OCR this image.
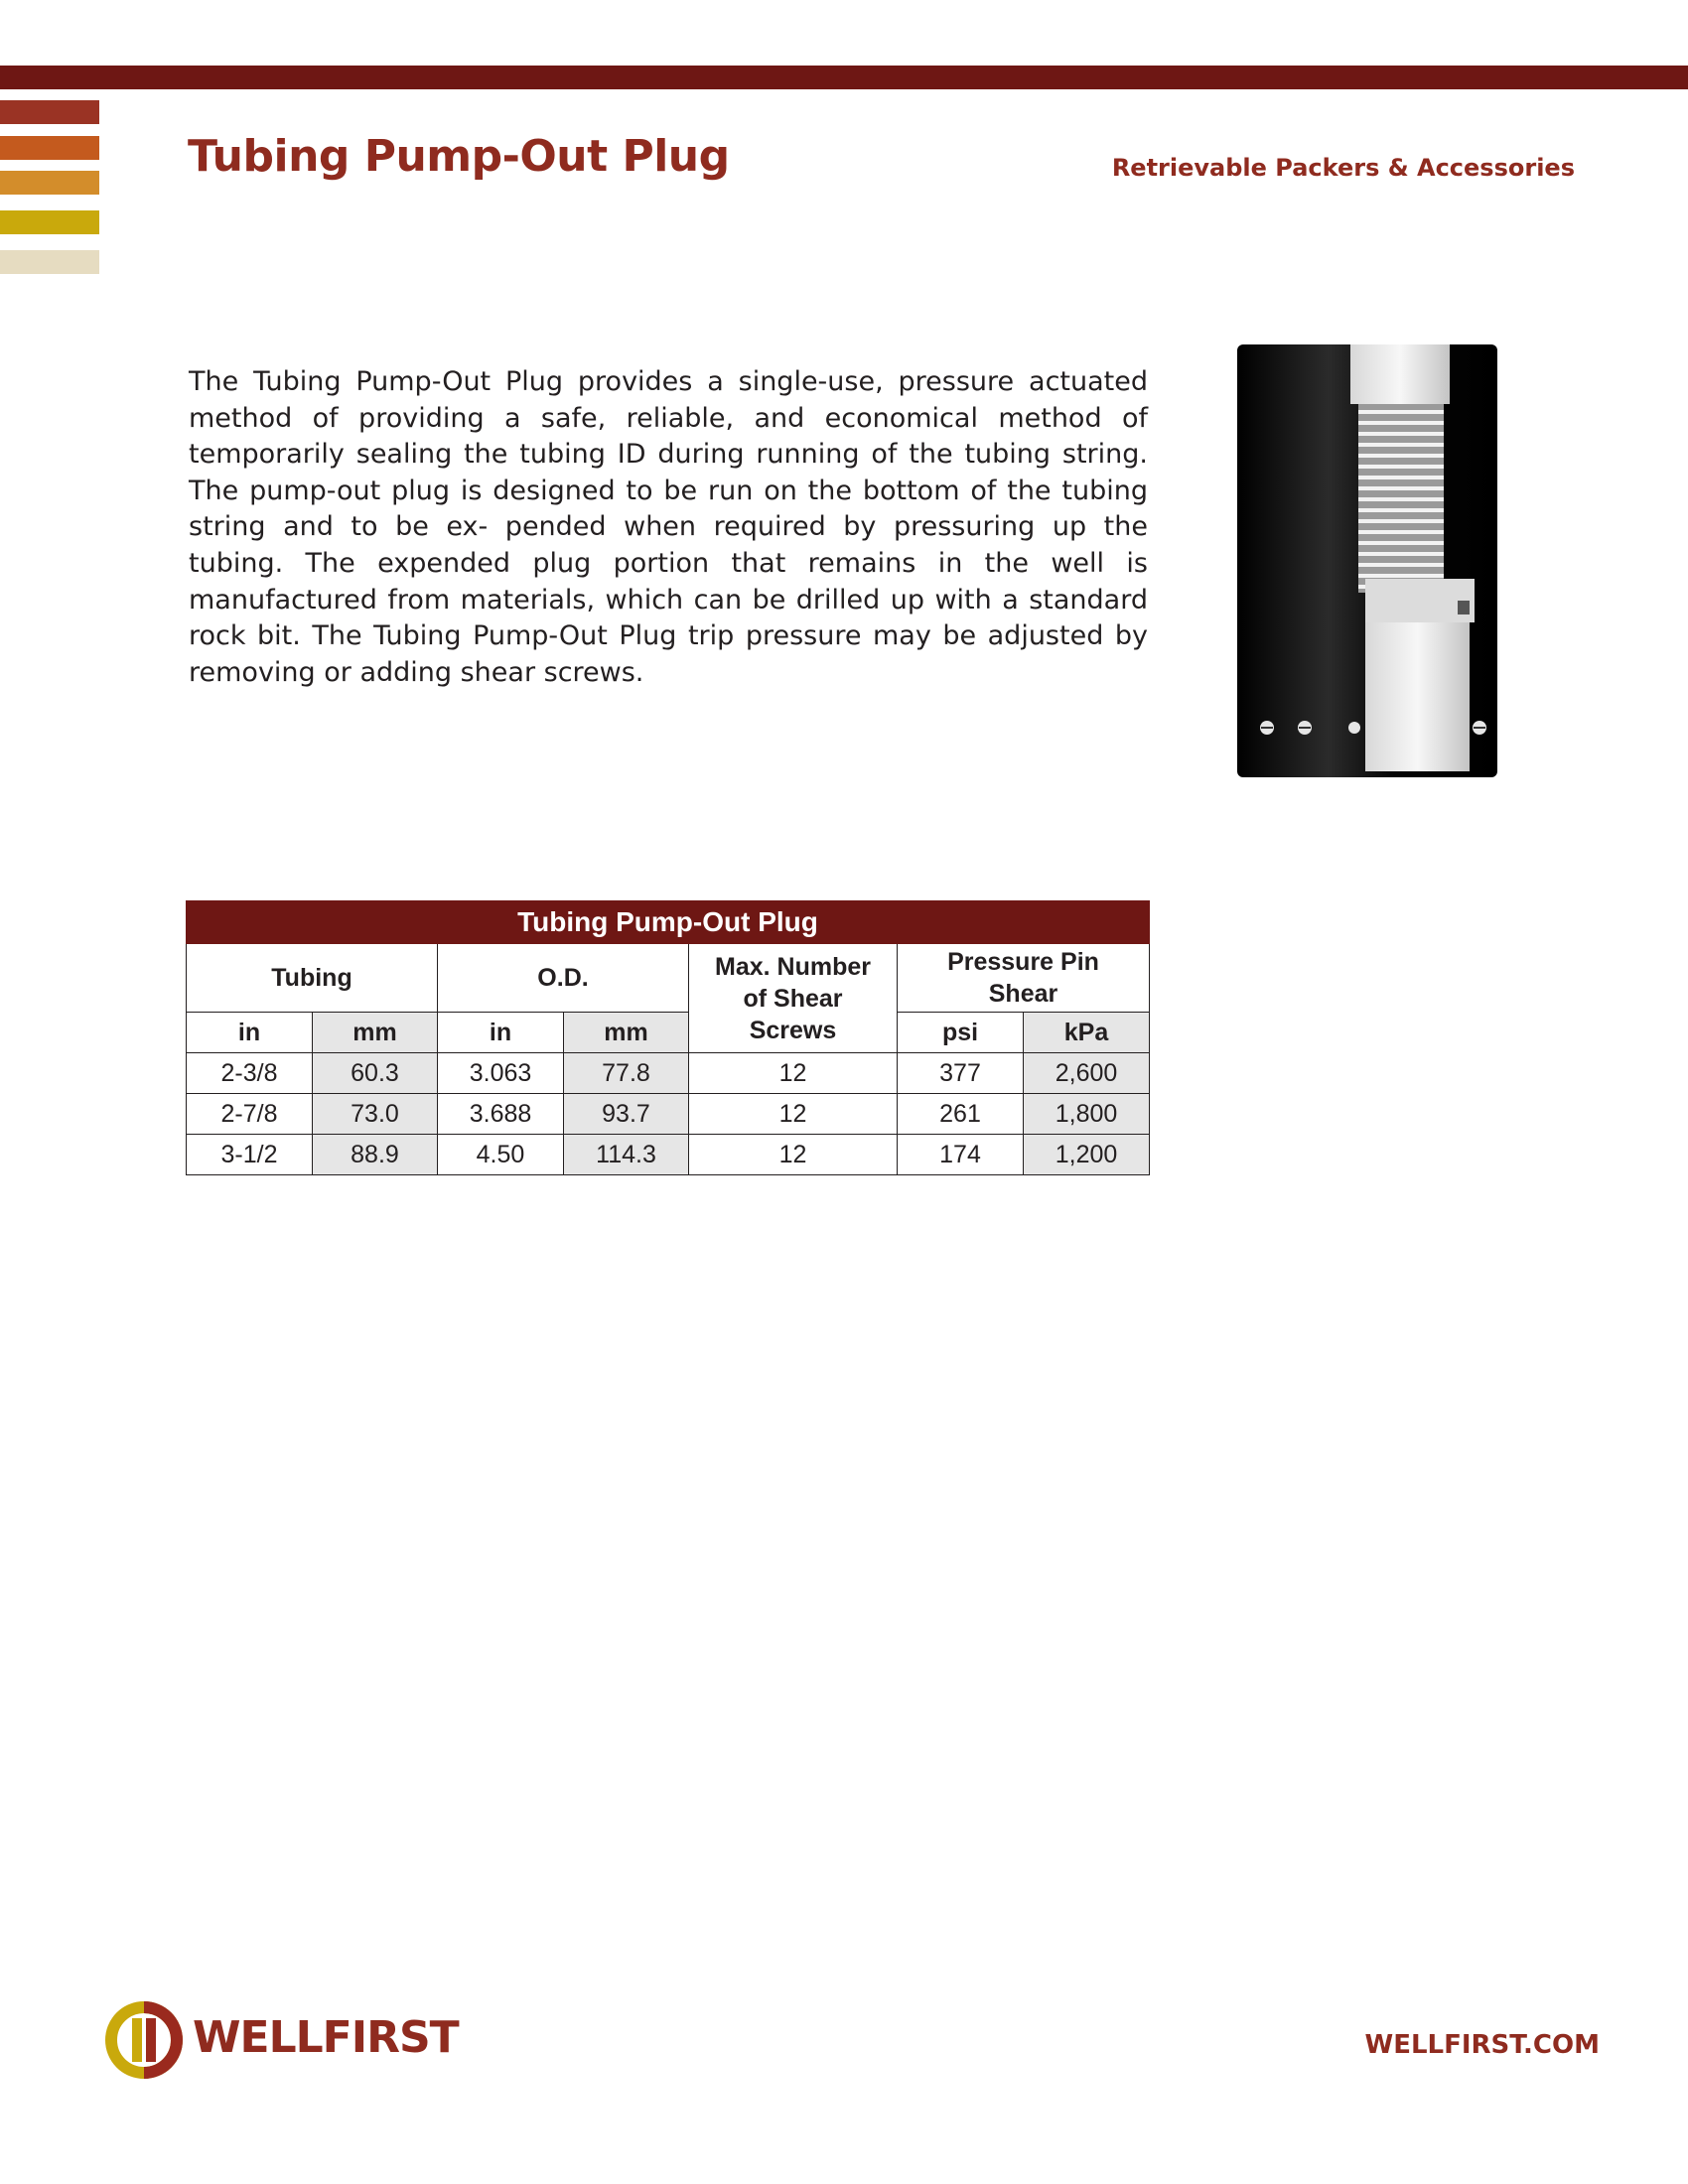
Tubing Pump-Out Plug	Retrievable Packers & Accessories

The Tubing Pump-Out Plug provides a single-use, pressure actuated method of providing a safe, reliable, and economical method of temporarily sealing the tubing ID during running of the tubing string. The pump-out plug is designed to be run on the bottom of the tubing string and to be ex- pended when required by pressuring up the tubing. The expended plug portion that remains in the well is manufactured from materials, which can be drilled up with a standard rock bit. The Tubing Pump-Out Plug trip pressure may be adjusted by removing or adding shear screws.

Tubing Pump-Out Plug						
Tubing		O.D.		Max. Number of Shear Screws	Pressure Pin Shear	
in	mm	in	mm		psi	kPa
2-3/8	60.3	3.063	77.8	12	377	2,600
2-7/8	73.0	3.688	93.7	12	261	1,800
3-1/2	88.9	4.50	114.3	12	174	1,200
WELLFIRST	WELLFIRST.COM
